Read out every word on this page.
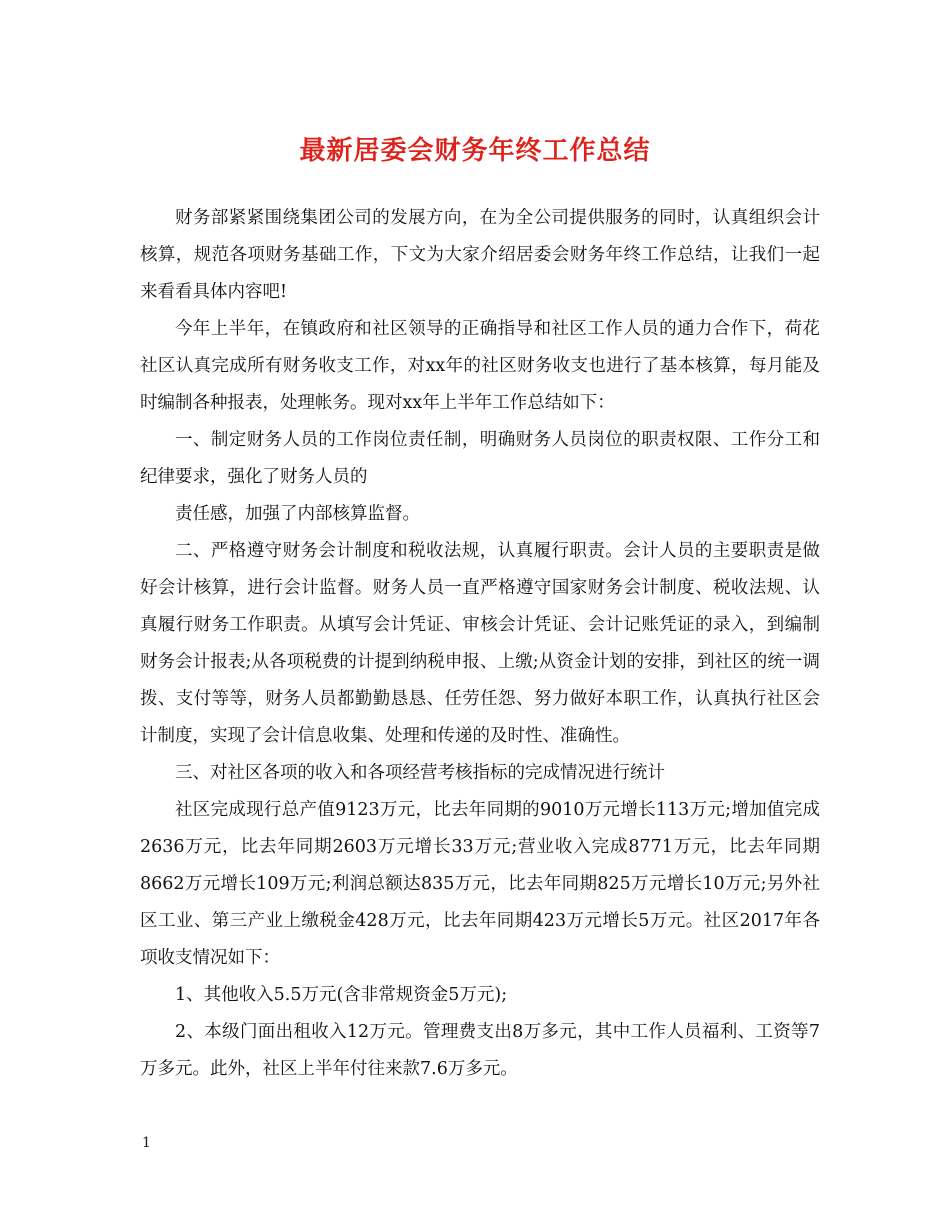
最新居委会财务年终工作总结

财务部紧紧围绕集团公司的发展方向，在为全公司提供服务的同时，认真组织会计核算，规范各项财务基础工作，下文为大家介绍居委会财务年终工作总结，让我们一起来看看具体内容吧!

今年上半年，在镇政府和社区领导的正确指导和社区工作人员的通力合作下，荷花社区认真完成所有财务收支工作，对xx年的社区财务收支也进行了基本核算，每月能及时编制各种报表，处理帐务。现对xx年上半年工作总结如下：

一、制定财务人员的工作岗位责任制，明确财务人员岗位的职责权限、工作分工和纪律要求，强化了财务人员的

责任感，加强了内部核算监督。

二、严格遵守财务会计制度和税收法规，认真履行职责。会计人员的主要职责是做好会计核算，进行会计监督。财务人员一直严格遵守国家财务会计制度、税收法规、认真履行财务工作职责。从填写会计凭证、审核会计凭证、会计记账凭证的录入，到编制财务会计报表;从各项税费的计提到纳税申报、上缴;从资金计划的安排，到社区的统一调拨、支付等等，财务人员都勤勤恳恳、任劳任怨、努力做好本职工作，认真执行社区会计制度，实现了会计信息收集、处理和传递的及时性、准确性。

三、对社区各项的收入和各项经营考核指标的完成情况进行统计

社区完成现行总产值9123万元，比去年同期的9010万元增长113万元;增加值完成2636万元，比去年同期2603万元增长33万元;营业收入完成8771万元，比去年同期8662万元增长109万元;利润总额达835万元，比去年同期825万元增长10万元;另外社区工业、第三产业上缴税金428万元，比去年同期423万元增长5万元。社区2017年各项收支情况如下：

1、其他收入5.5万元(含非常规资金5万元);

2、本级门面出租收入12万元。管理费支出8万多元，其中工作人员福利、工资等7万多元。此外，社区上半年付往来款7.6万多元。

1
